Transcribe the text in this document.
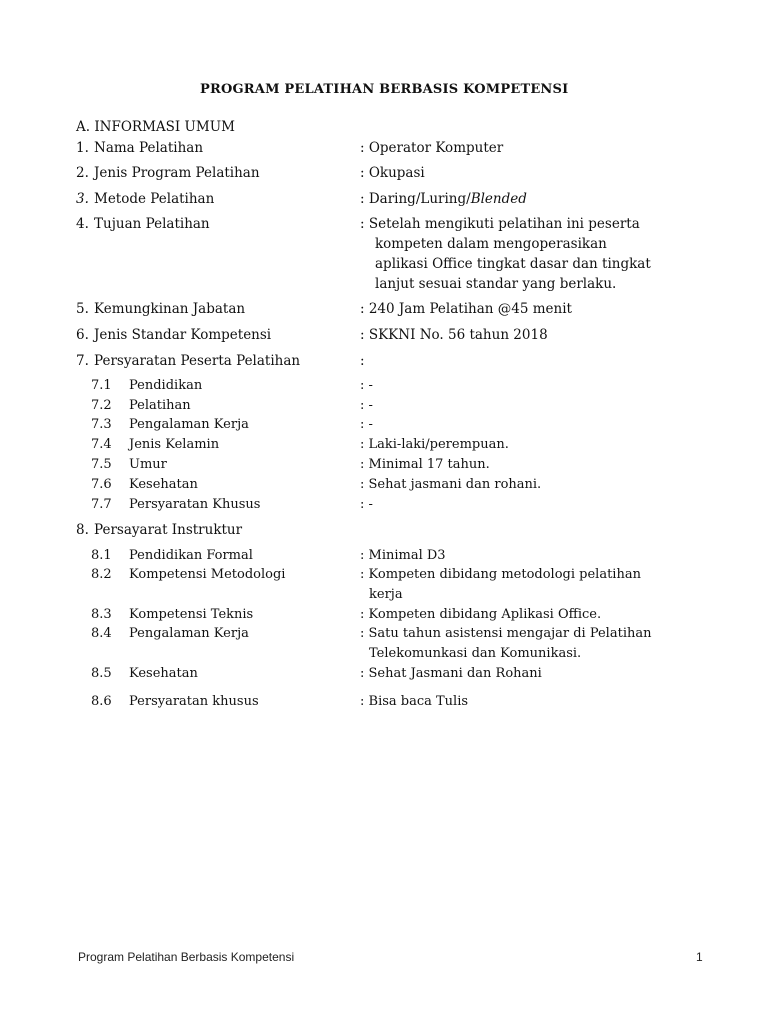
PROGRAM PELATIHAN BERBASIS KOMPETENSI
A. INFORMASI UMUM
1. Nama Pelatihan	: Operator Komputer
2. Jenis Program Pelatihan	: Okupasi
3. Metode Pelatihan	: Daring/Luring/Blended
4. Tujuan Pelatihan	: Setelah mengikuti pelatihan ini peserta
kompeten dalam mengoperasikan
aplikasi Office tingkat dasar dan tingkat
lanjut sesuai standar yang berlaku.
5. Kemungkinan Jabatan	: 240 Jam Pelatihan @45 menit
6. Jenis Standar Kompetensi	: SKKNI No. 56 tahun 2018
7. Persyaratan Peserta Pelatihan	:
7.1 Pendidikan	: -
7.2 Pelatihan	: -
7.3 Pengalaman Kerja	: -
7.4 Jenis Kelamin	: Laki-laki/perempuan.
7.5 Umur	: Minimal 17 tahun.
7.6 Kesehatan	: Sehat jasmani dan rohani.
7.7 Persyaratan Khusus	: -
8. Persayarat Instruktur
8.1 Pendidikan Formal	: Minimal D3
8.2 Kompetensi Metodologi	: Kompeten dibidang metodologi pelatihan
kerja
8.3 Kompetensi Teknis	: Kompeten dibidang Aplikasi Office.
8.4 Pengalaman Kerja	: Satu tahun asistensi mengajar di Pelatihan
Telekomunkasi dan Komunikasi.
8.5 Kesehatan	: Sehat Jasmani dan Rohani
8.6 Persyaratan khusus	: Bisa baca Tulis
Program Pelatihan Berbasis Kompetensi	1
